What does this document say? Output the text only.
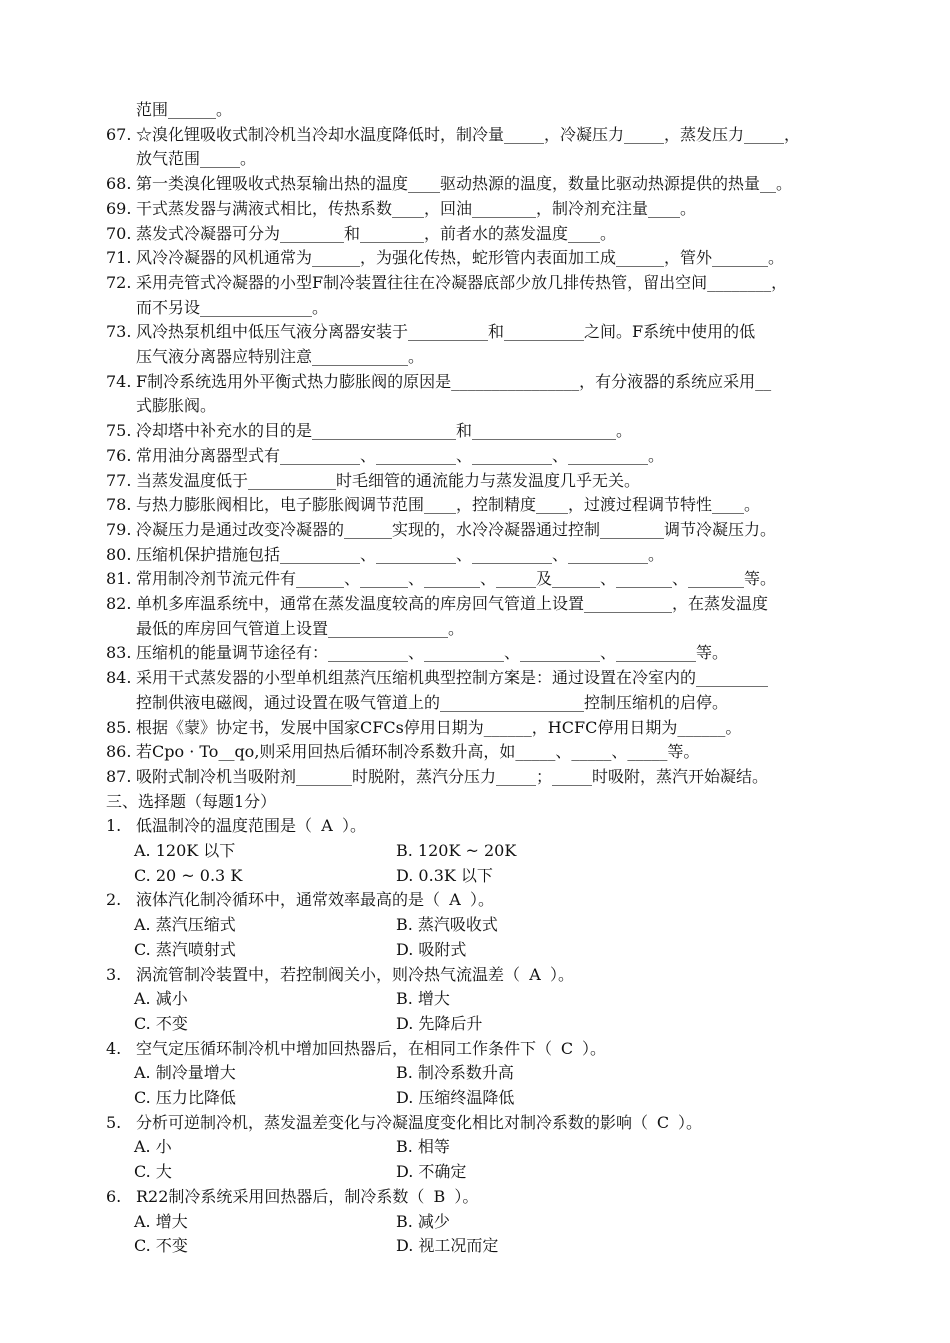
范围______。
67. ☆溴化锂吸收式制冷机当冷却水温度降低时，制冷量_____，冷凝压力_____，蒸发压力_____，
放气范围_____。
68. 第一类溴化锂吸收式热泵输出热的温度____驱动热源的温度，数量比驱动热源提供的热量__。
69. 干式蒸发器与满液式相比，传热系数____，回油________，制冷剂充注量____。
70. 蒸发式冷凝器可分为________和________，前者水的蒸发温度____。
71. 风冷冷凝器的风机通常为______，为强化传热，蛇形管内表面加工成______，管外_______。
72. 采用壳管式冷凝器的小型F制冷装置往往在冷凝器底部少放几排传热管，留出空间________，
而不另设______________。
73. 风冷热泵机组中低压气液分离器安装于__________和__________之间。F系统中使用的低
压气液分离器应特别注意____________。
74. F制冷系统选用外平衡式热力膨胀阀的原因是________________，有分液器的系统应采用__
式膨胀阀。
75. 冷却塔中补充水的目的是__________________和__________________。
76. 常用油分离器型式有__________、__________、__________、__________。
77. 当蒸发温度低于___________时毛细管的通流能力与蒸发温度几乎无关。
78. 与热力膨胀阀相比，电子膨胀阀调节范围____，控制精度____，过渡过程调节特性____。
79. 冷凝压力是通过改变冷凝器的______实现的，水冷冷凝器通过控制________调节冷凝压力。
80. 压缩机保护措施包括__________、__________、__________、__________。
81. 常用制冷剂节流元件有______、______、_______、_____及______、_______、_______等。
82. 单机多库温系统中，通常在蒸发温度较高的库房回气管道上设置___________，在蒸发温度
最低的库房回气管道上设置_______________。
83. 压缩机的能量调节途径有：__________、__________、__________、__________等。
84. 采用干式蒸发器的小型单机组蒸汽压缩机典型控制方案是：通过设置在冷室内的_________
控制供液电磁阀，通过设置在吸气管道上的__________________控制压缩机的启停。
85. 根据《蒙》协定书，发展中国家CFCs停用日期为______，HCFC停用日期为______。
86. 若Cpo · To__qo,则采用回热后循环制冷系数升高，如_____、_____、_____等。
87. 吸附式制冷机当吸附剂_______时脱附，蒸汽分压力_____；_____时吸附，蒸汽开始凝结。
三、选择题（每题1分）
1. 低温制冷的温度范围是（ A ）。
A. 120K 以下	B. 120K ~ 20K
C. 20 ~ 0.3 K	D. 0.3K 以下
2. 液体汽化制冷循环中，通常效率最高的是（ A ）。
A. 蒸汽压缩式	B. 蒸汽吸收式
C. 蒸汽喷射式	D. 吸附式
3. 涡流管制冷装置中，若控制阀关小，则冷热气流温差（ A ）。
A. 减小	B. 增大
C. 不变	D. 先降后升
4. 空气定压循环制冷机中增加回热器后，在相同工作条件下（ C ）。
A. 制冷量增大	B. 制冷系数升高
C. 压力比降低	D. 压缩终温降低
5. 分析可逆制冷机，蒸发温差变化与冷凝温度变化相比对制冷系数的影响（ C ）。
A. 小	B. 相等
C. 大	D. 不确定
6. R22制冷系统采用回热器后，制冷系数（ B ）。
A. 增大	B. 减少
C. 不变	D. 视工况而定
